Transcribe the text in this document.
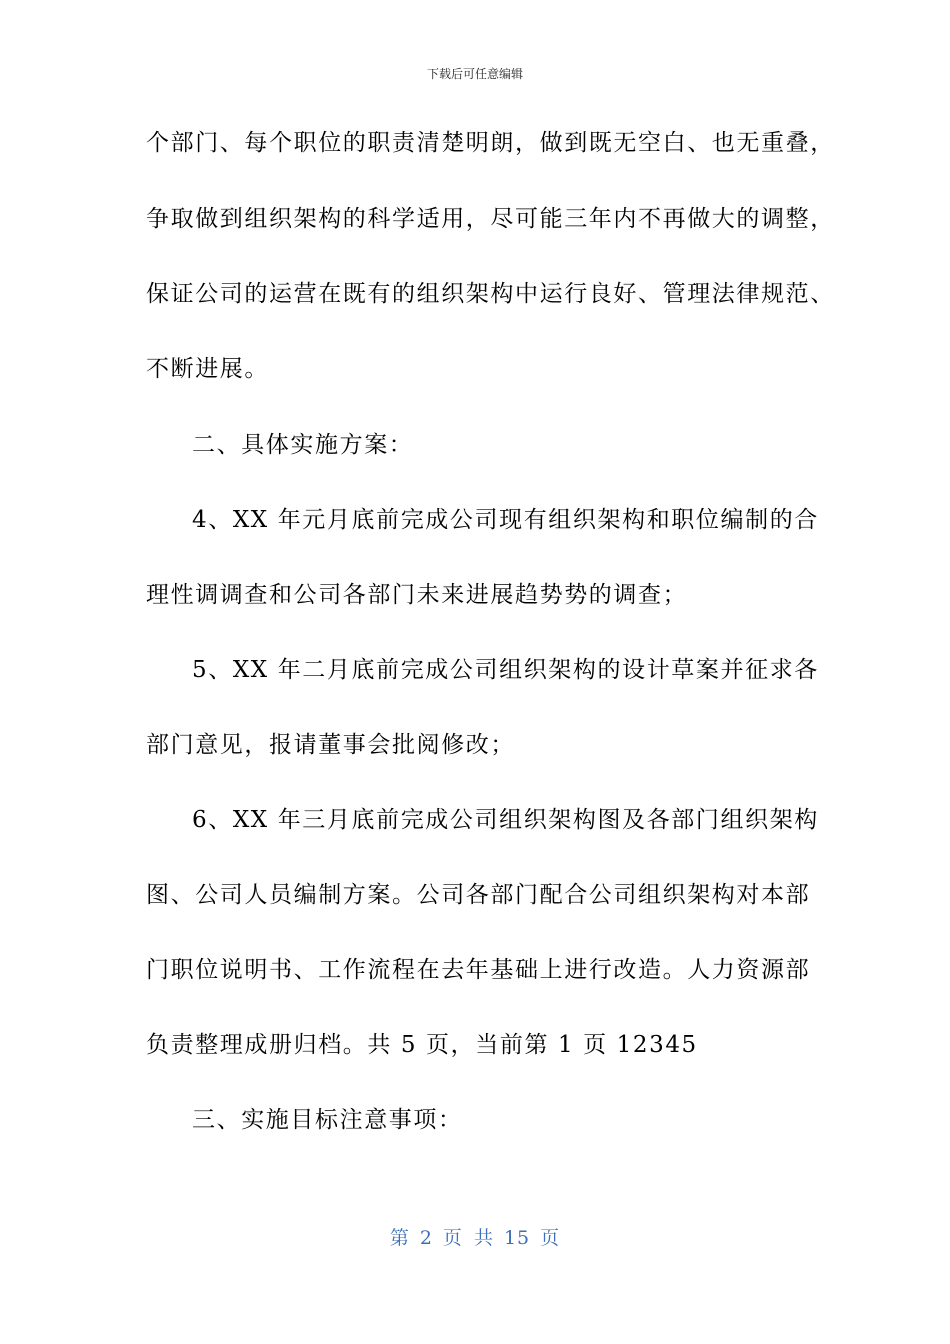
下载后可任意编辑
个部门、每个职位的职责清楚明朗，做到既无空白、也无重叠，
争取做到组织架构的科学适用，尽可能三年内不再做大的调整，
保证公司的运营在既有的组织架构中运行良好、管理法律规范、
不断进展。
二、具体实施方案：
4、XX 年元月底前完成公司现有组织架构和职位编制的合
理性调调查和公司各部门未来进展趋势势的调查；
5、XX 年二月底前完成公司组织架构的设计草案并征求各
部门意见，报请董事会批阅修改；
6、XX 年三月底前完成公司组织架构图及各部门组织架构
图、公司人员编制方案。公司各部门配合公司组织架构对本部
门职位说明书、工作流程在去年基础上进行改造。人力资源部
负责整理成册归档。共 5 页，当前第 1 页 12345
三、实施目标注意事项：
第 2 页 共 15 页
